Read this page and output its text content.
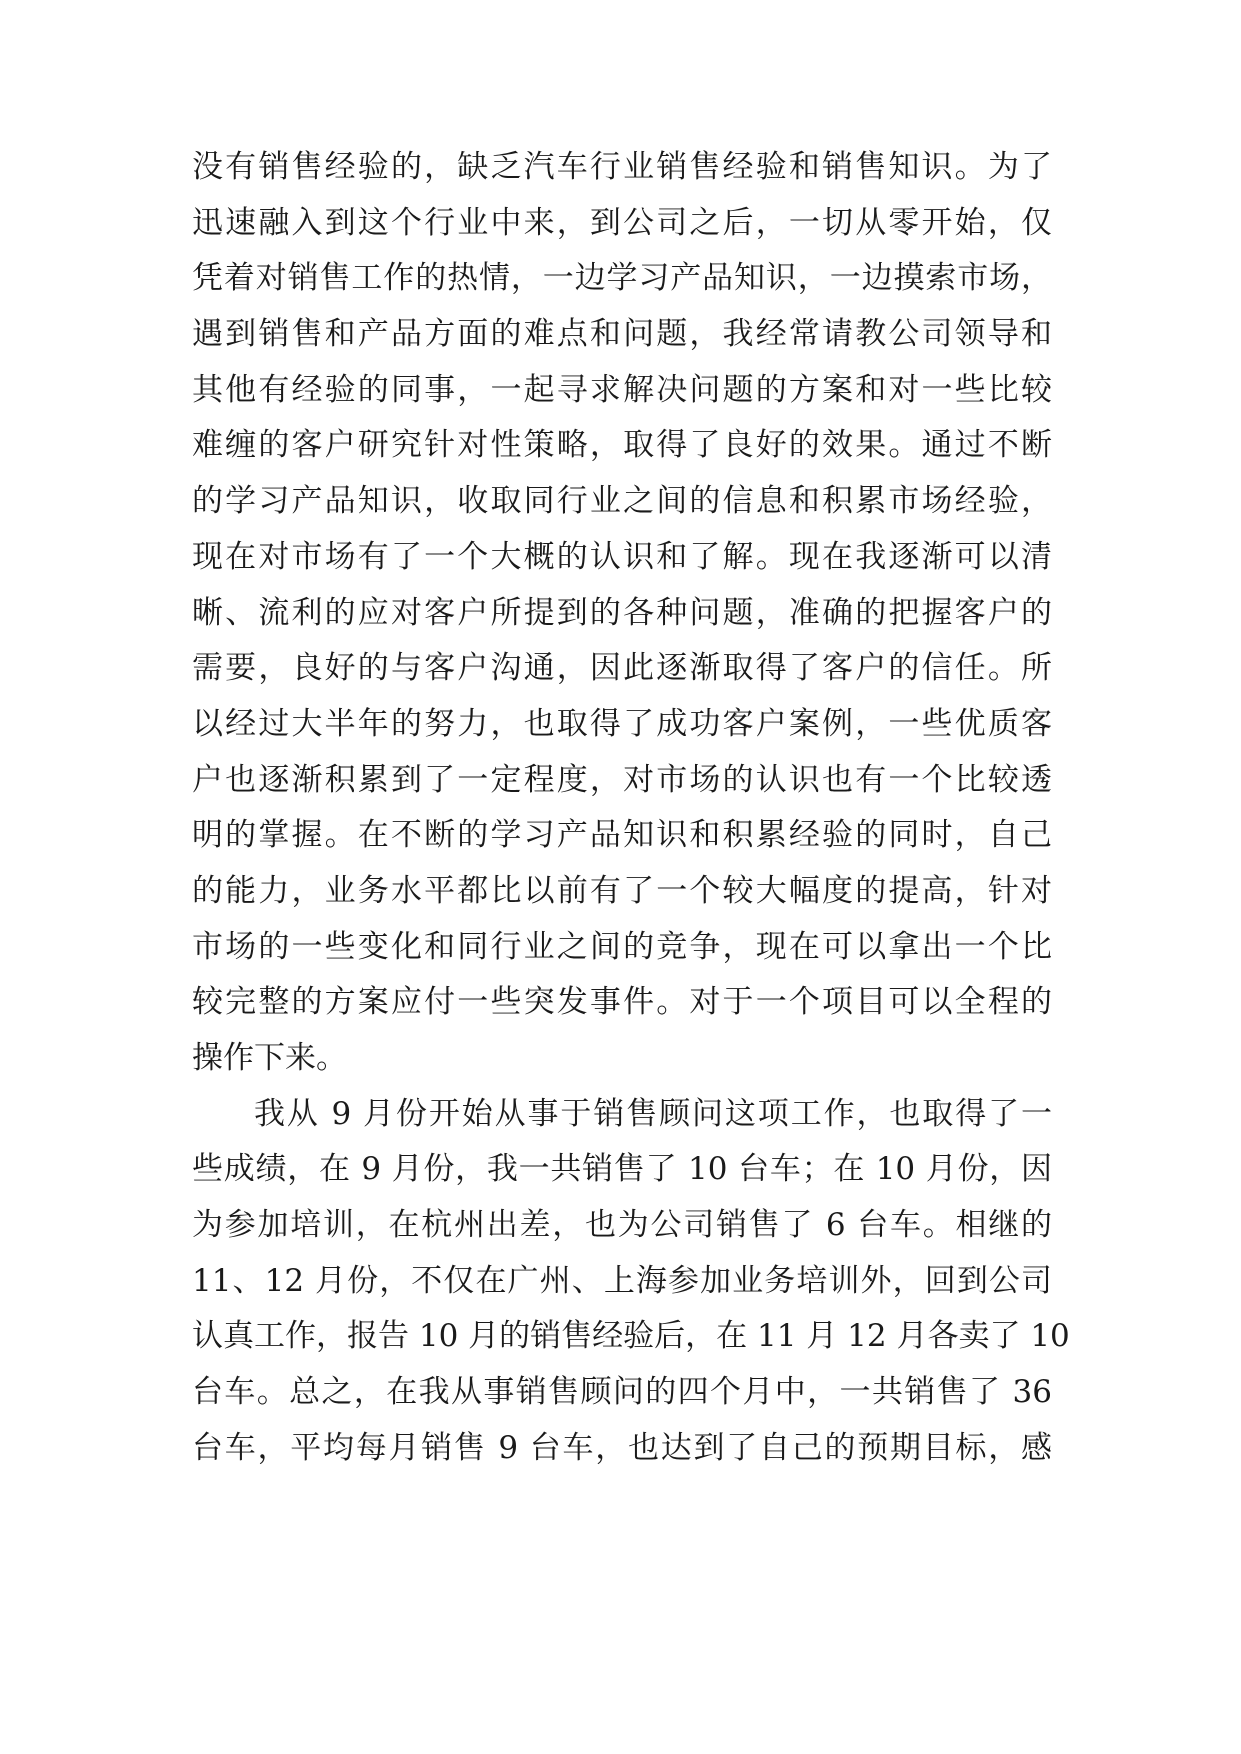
没有销售经验的，缺乏汽车行业销售经验和销售知识。为了
迅速融入到这个行业中来，到公司之后，一切从零开始，仅
凭着对销售工作的热情，一边学习产品知识，一边摸索市场，
遇到销售和产品方面的难点和问题，我经常请教公司领导和
其他有经验的同事，一起寻求解决问题的方案和对一些比较
难缠的客户研究针对性策略，取得了良好的效果。通过不断
的学习产品知识，收取同行业之间的信息和积累市场经验，
现在对市场有了一个大概的认识和了解。现在我逐渐可以清
晰、流利的应对客户所提到的各种问题，准确的把握客户的
需要，良好的与客户沟通，因此逐渐取得了客户的信任。所
以经过大半年的努力，也取得了成功客户案例，一些优质客
户也逐渐积累到了一定程度，对市场的认识也有一个比较透
明的掌握。在不断的学习产品知识和积累经验的同时，自己
的能力，业务水平都比以前有了一个较大幅度的提高，针对
市场的一些变化和同行业之间的竞争，现在可以拿出一个比
较完整的方案应付一些突发事件。对于一个项目可以全程的
操作下来。
我从 9 月份开始从事于销售顾问这项工作，也取得了一
些成绩，在 9 月份，我一共销售了 10 台车；在 10 月份，因
为参加培训，在杭州出差，也为公司销售了 6 台车。相继的
11、12 月份，不仅在广州、上海参加业务培训外，回到公司
认真工作，报告 10 月的销售经验后，在 11 月 12 月各卖了 10
台车。总之，在我从事销售顾问的四个月中，一共销售了 36
台车，平均每月销售 9 台车，也达到了自己的预期目标，感
